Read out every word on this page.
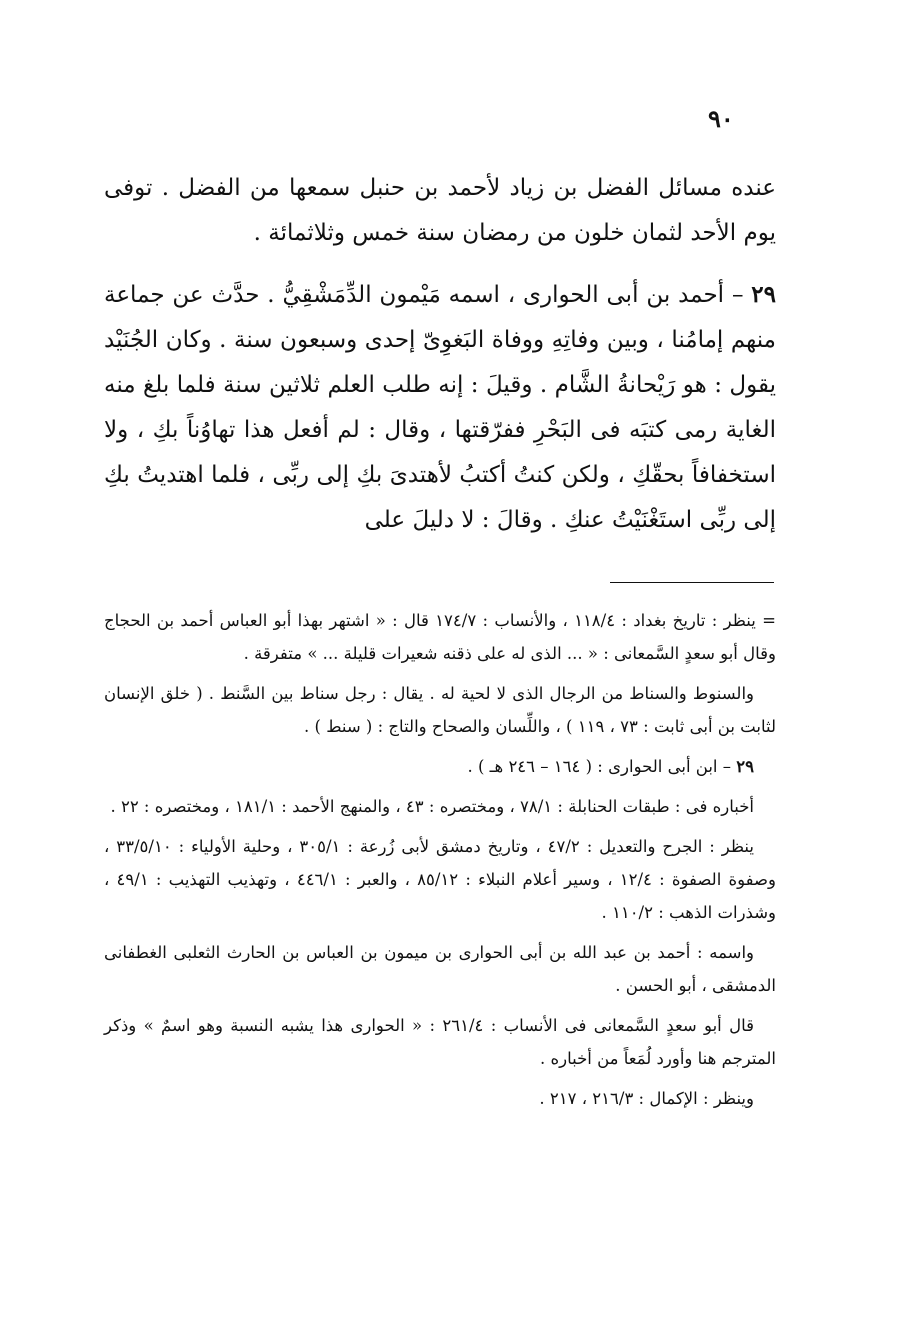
٩٠

عنده مسائل الفضل بن زياد لأحمد بن حنبل سمعها من الفضل . توفى يوم الأحد لثمان خلون من رمضان سنة خمس وثلاثمائة .

٢٩ – أحمد بن أبى الحوارى ، اسمه مَيْمون الدِّمَشْقِيُّ . حدَّث عن جماعة منهم إمامُنا ، وبين وفاتِهِ ووفاة البَغوِىّ إحدى وسبعون سنة . وكان الجُنَيْد يقول : هو رَيْحانةُ الشَّام . وقيلَ : إنه طلب العلم ثلاثين سنة فلما بلغ منه الغاية رمى كتبَه فى البَحْرِ ففرّقتها ، وقال : لم أفعل هذا تهاوُناً بكِ ، ولا استخفافاً بحقّكِ ، ولكن كنتُ أكتبُ لأهتدىَ بكِ إلى ربِّى ، فلما اهتديتُ بكِ إلى ربِّى استَغْنَيْتُ عنكِ . وقالَ : لا دليلَ على

= ينظر : تاريخ بغداد : ١١٨/٤ ، والأنساب : ١٧٤/٧ قال : « اشتهر بهذا أبو العباس أحمد بن الحجاج وقال أبو سعدٍ السَّمعانى : « ... الذى له على ذقنه شعيرات قليلة ... » متفرقة .

والسنوط والسناط من الرجال الذى لا لحية له . يقال : رجل سناط بين السَّنط . ( خلق الإنسان لثابت بن أبى ثابت : ٧٣ ، ١١٩ ) ، واللِّسان والصحاح والتاج : ( سنط ) .

٢٩ – ابن أبى الحوارى : ( ١٦٤ – ٢٤٦ هـ ) .

أخباره فى : طبقات الحنابلة : ٧٨/١ ، ومختصره : ٤٣ ، والمنهج الأحمد : ١٨١/١ ، ومختصره : ٢٢ .

ينظر : الجرح والتعديل : ٤٧/٢ ، وتاريخ دمشق لأبى زُرعة : ٣٠٥/١ ، وحلية الأولياء : ٣٣/٥/١٠ ، وصفوة الصفوة : ١٢/٤ ، وسير أعلام النبلاء : ٨٥/١٢ ، والعبر : ٤٤٦/١ ، وتهذيب التهذيب : ٤٩/١ ، وشذرات الذهب : ١١٠/٢ .

واسمه : أحمد بن عبد الله بن أبى الحوارى بن ميمون بن العباس بن الحارث الثعلبى الغطفانى الدمشقى ، أبو الحسن .

قال أبو سعدٍ السَّمعانى فى الأنساب : ٢٦١/٤ : « الحوارى هذا يشبه النسبة وهو اسمٌ » وذكر المترجم هنا وأورد لُمَعاً من أخباره .

وينظر : الإكمال : ٢١٦/٣ ، ٢١٧ .
